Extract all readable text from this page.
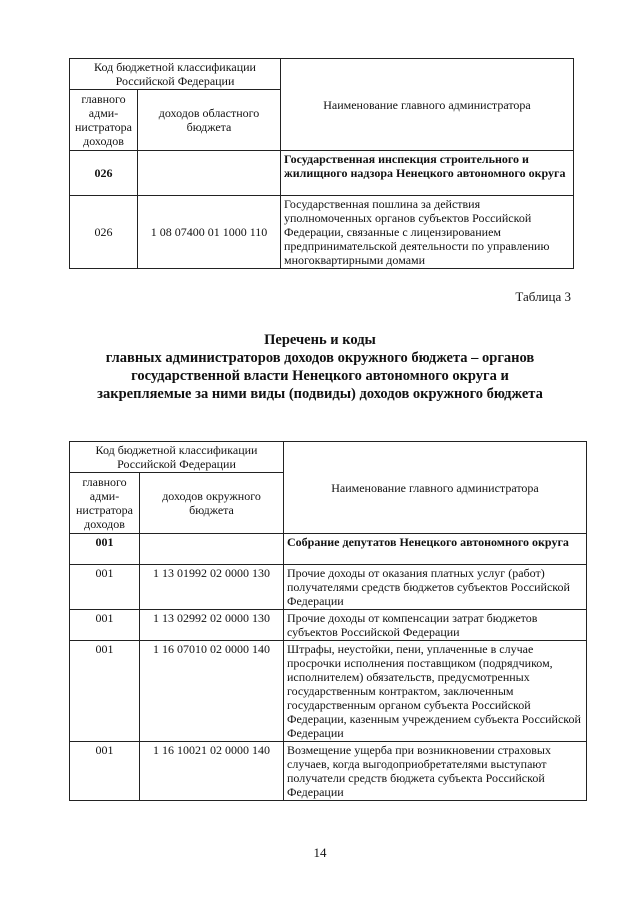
Код бюджетной классификации Российской Федерации		Наименование главного администратора
главного адми-нистратора доходов	доходов областного бюджета	
026		Государственная инспекция строительного и жилищного надзора Ненецкого автономного округа
026	1 08 07400 01 1000 110	Государственная пошлина за действия уполномоченных органов субъектов Российской Федерации, связанные с лицензированием предпринимательской деятельности по управлению многоквартирными домами
Таблица 3
Перечень и коды
главных администраторов доходов окружного бюджета – органов
государственной власти Ненецкого автономного округа и
закрепляемые за ними виды (подвиды) доходов окружного бюджета
Код бюджетной классификации Российской Федерации		Наименование главного администратора
главного адми-нистратора доходов	доходов окружного бюджета	
001		Собрание депутатов Ненецкого автономного округа
001	1 13 01992 02 0000 130	Прочие доходы от оказания платных услуг (работ) получателями средств бюджетов субъектов Российской Федерации
001	1 13 02992 02 0000 130	Прочие доходы от компенсации затрат бюджетов субъектов Российской Федерации
001	1 16 07010 02 0000 140	Штрафы, неустойки, пени, уплаченные в случае просрочки исполнения поставщиком (подрядчиком, исполнителем) обязательств, предусмотренных государственным контрактом, заключенным государственным органом субъекта Российской Федерации, казенным учреждением субъекта Российской Федерации
001	1 16 10021 02 0000 140	Возмещение ущерба при возникновении страховых случаев, когда выгодоприобретателями выступают получатели средств бюджета субъекта Российской Федерации
14
